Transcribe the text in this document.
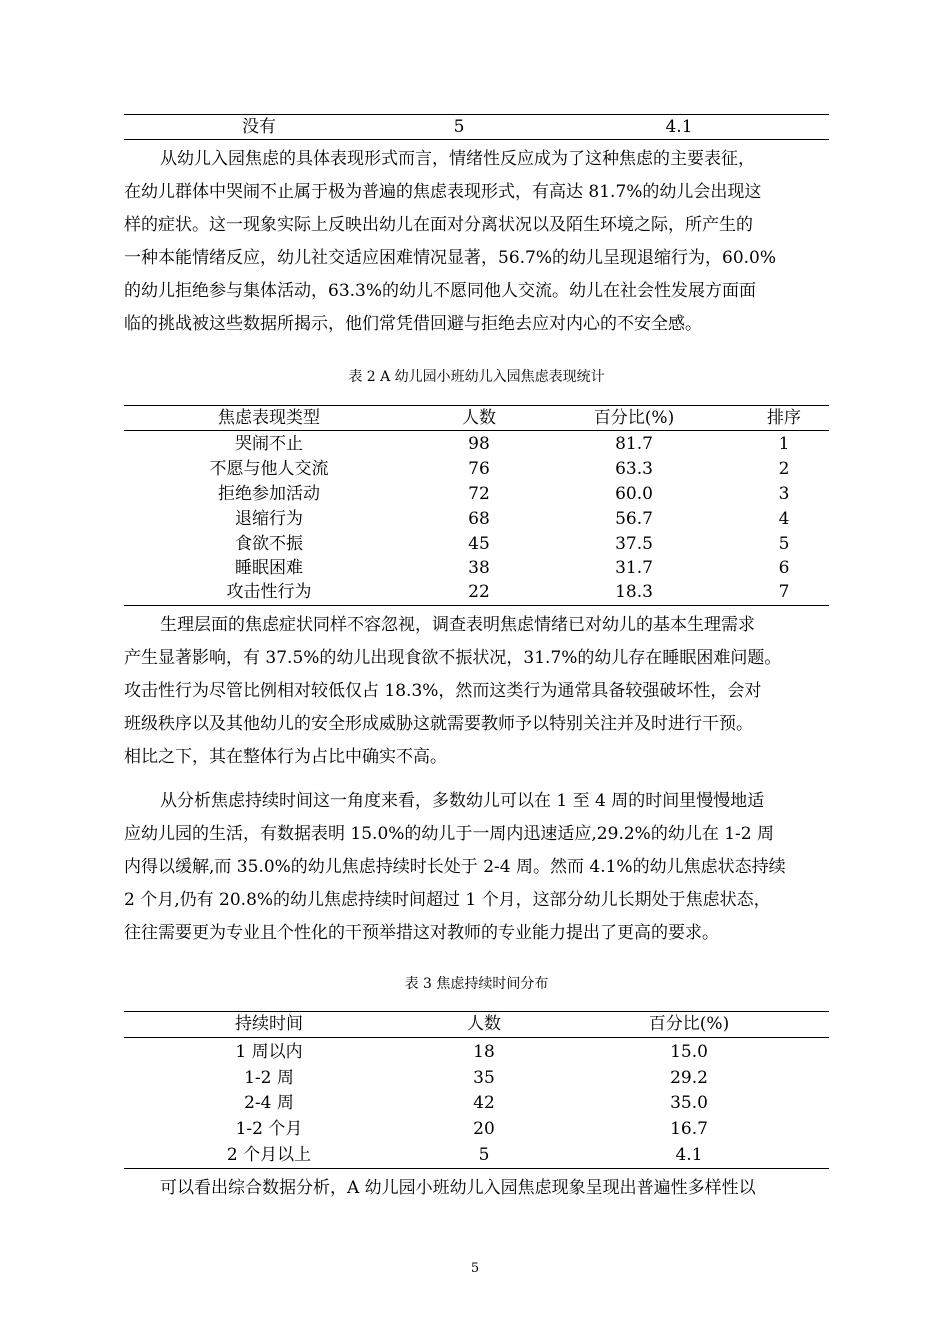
没有	5	4.1
从幼儿入园焦虑的具体表现形式而言，情绪性反应成为了这种焦虑的主要表征，
在幼儿群体中哭闹不止属于极为普遍的焦虑表现形式，有高达 81.7%的幼儿会出现这
样的症状。这一现象实际上反映出幼儿在面对分离状况以及陌生环境之际，所产生的
一种本能情绪反应，幼儿社交适应困难情况显著，56.7%的幼儿呈现退缩行为，60.0%
的幼儿拒绝参与集体活动，63.3%的幼儿不愿同他人交流。幼儿在社会性发展方面面
临的挑战被这些数据所揭示，他们常凭借回避与拒绝去应对内心的不安全感。
表 2 A 幼儿园小班幼儿入园焦虑表现统计
焦虑表现类型	人数	百分比(%)	排序
哭闹不止	98	81.7	1
不愿与他人交流	76	63.3	2
拒绝参加活动	72	60.0	3
退缩行为	68	56.7	4
食欲不振	45	37.5	5
睡眠困难	38	31.7	6
攻击性行为	22	18.3	7
生理层面的焦虑症状同样不容忽视，调查表明焦虑情绪已对幼儿的基本生理需求
产生显著影响，有 37.5%的幼儿出现食欲不振状况，31.7%的幼儿存在睡眠困难问题。
攻击性行为尽管比例相对较低仅占 18.3%，然而这类行为通常具备较强破坏性，会对
班级秩序以及其他幼儿的安全形成威胁这就需要教师予以特别关注并及时进行干预。
相比之下，其在整体行为占比中确实不高。
从分析焦虑持续时间这一角度来看，多数幼儿可以在 1 至 4 周的时间里慢慢地适
应幼儿园的生活，有数据表明 15.0%的幼儿于一周内迅速适应,29.2%的幼儿在 1-2 周
内得以缓解,而 35.0%的幼儿焦虑持续时长处于 2-4 周。然而 4.1%的幼儿焦虑状态持续
2 个月,仍有 20.8%的幼儿焦虑持续时间超过 1 个月，这部分幼儿长期处于焦虑状态，
往往需要更为专业且个性化的干预举措这对教师的专业能力提出了更高的要求。
表 3 焦虑持续时间分布
持续时间	人数	百分比(%)
1 周以内	18	15.0
1-2 周	35	29.2
2-4 周	42	35.0
1-2 个月	20	16.7
2 个月以上	5	4.1
可以看出综合数据分析，A 幼儿园小班幼儿入园焦虑现象呈现出普遍性多样性以
5
